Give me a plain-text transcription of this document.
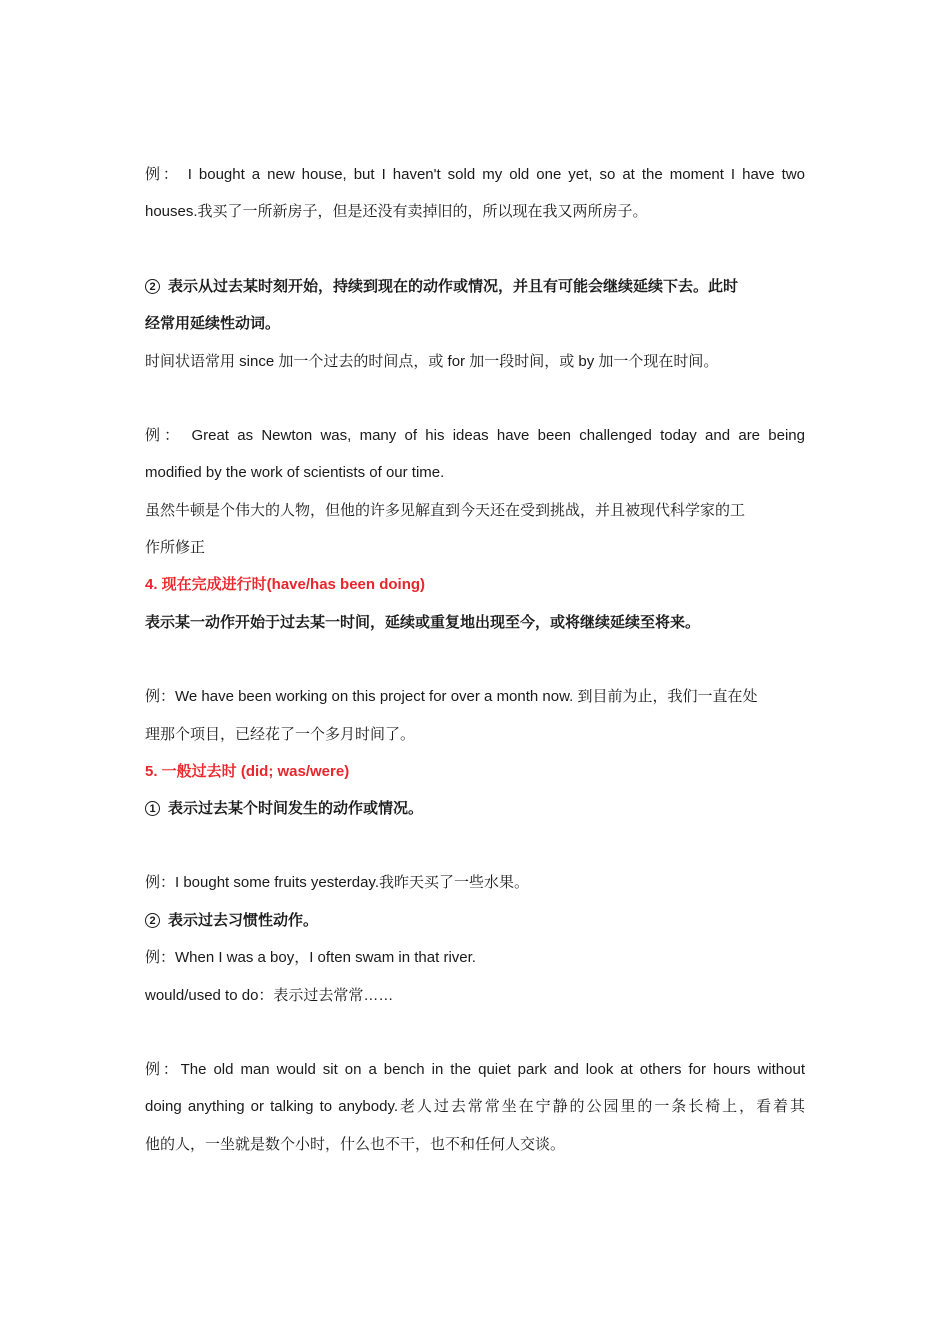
例： I bought a new house, but I haven't sold my old one yet, so at the moment I have two
houses.我买了一所新房子，但是还没有卖掉旧的，所以现在我又两所房子。
2 表示从过去某时刻开始，持续到现在的动作或情况，并且有可能会继续延续下去。此时
经常用延续性动词。
时间状语常用 since 加一个过去的时间点，或 for 加一段时间，或 by 加一个现在时间。
例： Great as Newton was, many of his ideas have been challenged today and are being
modified by the work of scientists of our time.
虽然牛顿是个伟大的人物，但他的许多见解直到今天还在受到挑战，并且被现代科学家的工
作所修正
4. 现在完成进行时(have/has been doing)
表示某一动作开始于过去某一时间，延续或重复地出现至今，或将继续延续至将来。
例：We have been working on this project for over a month now. 到目前为止，我们一直在处
理那个项目，已经花了一个多月时间了。
5. 一般过去时 (did; was/were)
1 表示过去某个时间发生的动作或情况。
例：I bought some fruits yesterday.我昨天买了一些水果。
2 表示过去习惯性动作。
例：When I was a boy，I often swam in that river.
would/used to do：表示过去常常……
例：The old man would sit on a bench in the quiet park and look at others for hours without
doing anything or talking to anybody.老人过去常常坐在宁静的公园里的一条长椅上，看着其
他的人，一坐就是数个小时，什么也不干，也不和任何人交谈。
